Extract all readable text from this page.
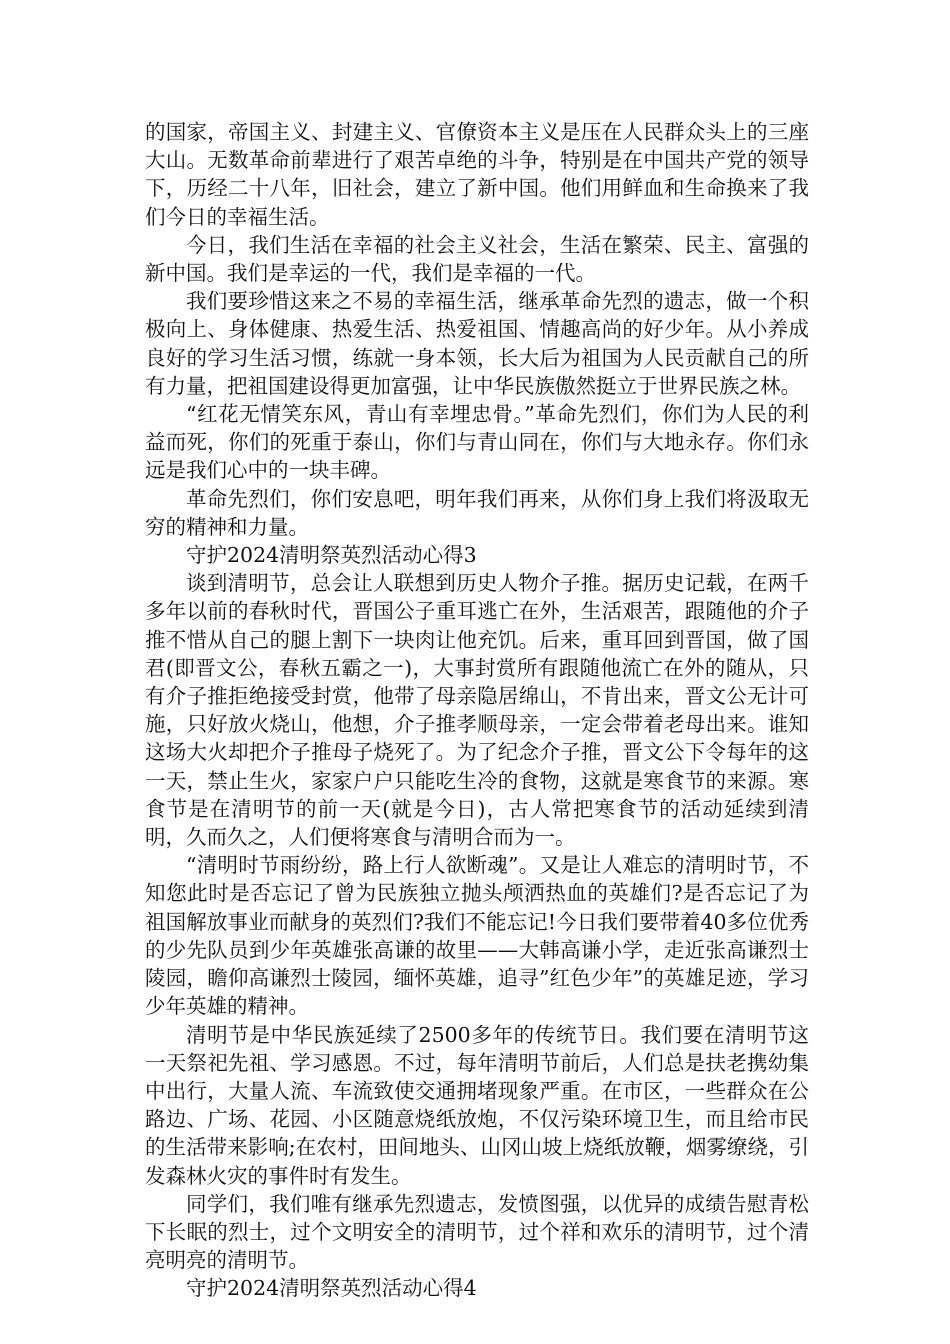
的国家，帝国主义、封建主义、官僚资本主义是压在人民群众头上的三座大山。无数革命前辈进行了艰苦卓绝的斗争，特别是在中国共产党的领导下，历经二十八年，旧社会，建立了新中国。他们用鲜血和生命换来了我们今日的幸福生活。

今日，我们生活在幸福的社会主义社会，生活在繁荣、民主、富强的新中国。我们是幸运的一代，我们是幸福的一代。

我们要珍惜这来之不易的幸福生活，继承革命先烈的遗志，做一个积极向上、身体健康、热爱生活、热爱祖国、情趣高尚的好少年。从小养成良好的学习生活习惯，练就一身本领，长大后为祖国为人民贡献自己的所有力量，把祖国建设得更加富强，让中华民族傲然挺立于世界民族之林。

“红花无情笑东风，青山有幸埋忠骨。”革命先烈们，你们为人民的利益而死，你们的死重于泰山，你们与青山同在，你们与大地永存。你们永远是我们心中的一块丰碑。

革命先烈们，你们安息吧，明年我们再来，从你们身上我们将汲取无穷的精神和力量。

守护2024清明祭英烈活动心得3

谈到清明节，总会让人联想到历史人物介子推。据历史记载，在两千多年以前的春秋时代，晋国公子重耳逃亡在外，生活艰苦，跟随他的介子推不惜从自己的腿上割下一块肉让他充饥。后来，重耳回到晋国，做了国君(即晋文公，春秋五霸之一)，大事封赏所有跟随他流亡在外的随从，只有介子推拒绝接受封赏，他带了母亲隐居绵山，不肯出来，晋文公无计可施，只好放火烧山，他想，介子推孝顺母亲，一定会带着老母出来。谁知这场大火却把介子推母子烧死了。为了纪念介子推，晋文公下令每年的这一天，禁止生火，家家户户只能吃生冷的食物，这就是寒食节的来源。寒食节是在清明节的前一天(就是今日)，古人常把寒食节的活动延续到清明，久而久之，人们便将寒食与清明合而为一。

“清明时节雨纷纷，路上行人欲断魂”。又是让人难忘的清明时节，不知您此时是否忘记了曾为民族独立抛头颅洒热血的英雄们?是否忘记了为祖国解放事业而献身的英烈们?我们不能忘记!今日我们要带着40多位优秀的少先队员到少年英雄张高谦的故里——大韩高谦小学，走近张高谦烈士陵园，瞻仰高谦烈士陵园，缅怀英雄，追寻”红色少年”的英雄足迹，学习少年英雄的精神。

清明节是中华民族延续了2500多年的传统节日。我们要在清明节这一天祭祀先祖、学习感恩。不过，每年清明节前后，人们总是扶老携幼集中出行，大量人流、车流致使交通拥堵现象严重。在市区，一些群众在公路边、广场、花园、小区随意烧纸放炮，不仅污染环境卫生，而且给市民的生活带来影响;在农村，田间地头、山冈山坡上烧纸放鞭，烟雾缭绕，引发森林火灾的事件时有发生。

同学们，我们唯有继承先烈遗志，发愤图强，以优异的成绩告慰青松下长眠的烈士，过个文明安全的清明节，过个祥和欢乐的清明节，过个清亮明亮的清明节。

守护2024清明祭英烈活动心得4
